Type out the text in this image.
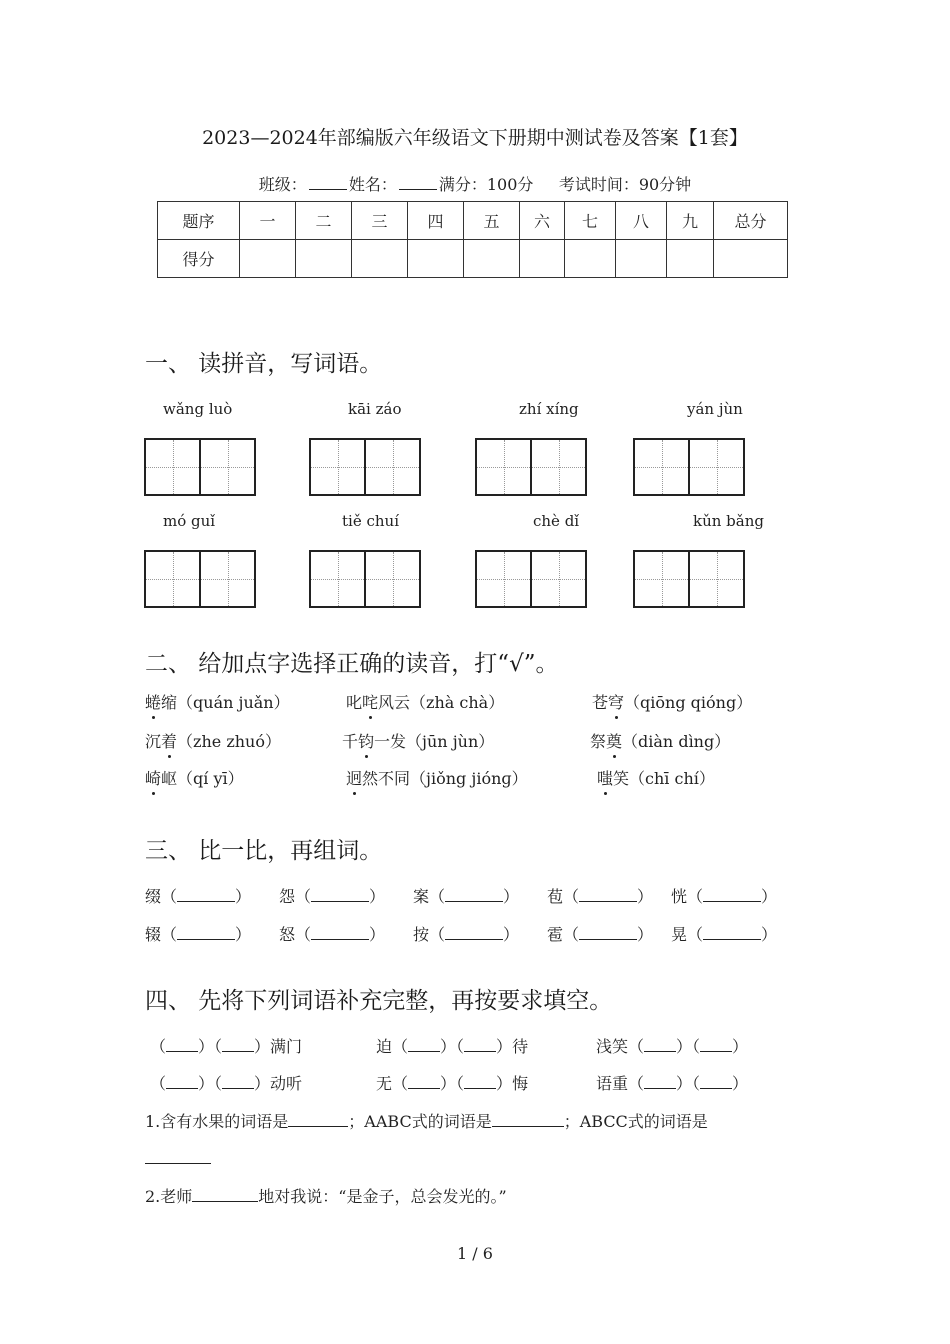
2023—2024年部编版六年级语文下册期中测试卷及答案【1套】
班级：	姓名：	满分：100分 考试时间：90分钟
题序	一	二	三	四	五	六	七	八	九	总分
得分										
一、 读拼音，写词语。
wǎng luò	kāi záo	zhí xíng	yán jùn
mó guǐ	tiě chuí	chè dǐ	kǔn bǎng
二、 给加点字选择正确的读音，打“√”。
蜷缩（quán juǎn）	叱咤风云（zhà chà）	苍穹（qiōng qióng）
沉着（zhe zhuó）	千钧一发（jūn jùn）	祭奠（diàn dìng）
崎岖（qí yī）	迥然不同（jiǒng jiónɡ）	嗤笑（chī chí）
三、 比一比，再组词。
缀（	） 怨（	） 案（	） 苞（	） 恍（	）
辍（	） 怒（	） 按（	） 雹（	） 晃（	）
四、 先将下列词语补充完整，再按要求填空。
（ ）（ ）满门	迫（ ）（ ）待	浅笑（ ）（ ）
（ ）（ ）动听	无（ ）（ ）悔	语重（ ）（ ）
1.含有水果的词语是	；AABC式的词语是	；ABCC式的词语是
2.老师	地对我说：“是金子，总会发光的。”
1 / 6
